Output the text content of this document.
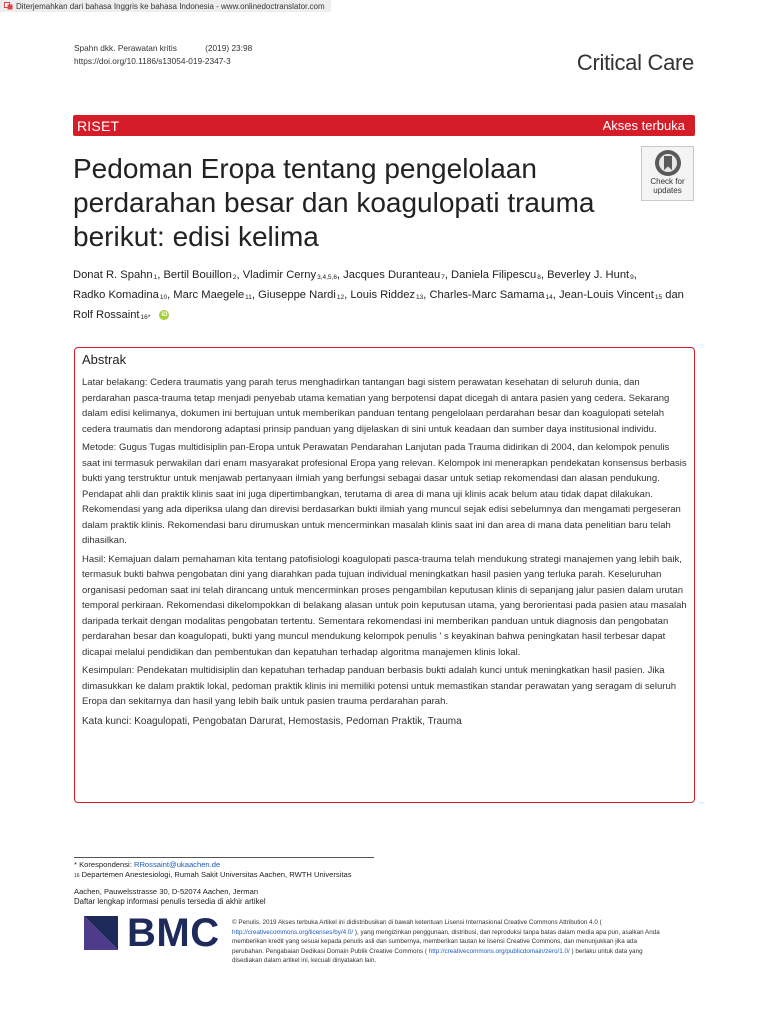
Diterjemahkan dari bahasa Inggris ke bahasa Indonesia - www.onlinedoctranslator.com
Spahn dkk. Perawatan kritis	(2019) 23:98
https://doi.org/10.1186/s13054-019-2347-3	Critical Care
RISET	Akses terbuka
Pedoman Eropa tentang pengelolaan perdarahan besar dan koagulopati trauma berikut: edisi kelima
Check for
updates
Donat R. Spahn$_1$, Bertil Bouillon$_2$, Vladimir Cerny$_{3,4,5,6}$, Jacques Duranteau$_7$, Daniela Filipescu$_8$, Beverley J. Hunt$_9$, Radko Komadina$_{10}$, Marc Maegele$_{11}$, Giuseppe Nardi$_{12}$, Louis Riddez$_{13}$, Charles-Marc Samama$_{14}$, Jean-Louis Vincent$_{15}$ dan Rolf Rossaint$_{16*}$ iD
Abstrak

Latar belakang: Cedera traumatis yang parah terus menghadirkan tantangan bagi sistem perawatan kesehatan di seluruh dunia, dan perdarahan pasca-trauma tetap menjadi penyebab utama kematian yang berpotensi dapat dicegah di antara pasien yang cedera. Sekarang dalam edisi kelimanya, dokumen ini bertujuan untuk memberikan panduan tentang pengelolaan perdarahan besar dan koagulopati setelah cedera traumatis dan mendorong adaptasi prinsip panduan yang dijelaskan di sini untuk keadaan dan sumber daya institusional individu.

Metode: Gugus Tugas multidisiplin pan-Eropa untuk Perawatan Pendarahan Lanjutan pada Trauma didirikan di 2004, dan kelompok penulis saat ini termasuk perwakilan dari enam masyarakat profesional Eropa yang relevan. Kelompok ini menerapkan pendekatan konsensus berbasis bukti yang terstruktur untuk menjawab pertanyaan ilmiah yang berfungsi sebagai dasar untuk setiap rekomendasi dan alasan pendukung. Pendapat ahli dan praktik klinis saat ini juga dipertimbangkan, terutama di area di mana uji klinis acak belum atau tidak dapat dilakukan. Rekomendasi yang ada diperiksa ulang dan direvisi berdasarkan bukti ilmiah yang muncul sejak edisi sebelumnya dan mengamati pergeseran dalam praktik klinis. Rekomendasi baru dirumuskan untuk mencerminkan masalah klinis saat ini dan area di mana data penelitian baru telah dihasilkan.

Hasil: Kemajuan dalam pemahaman kita tentang patofisiologi koagulopati pasca-trauma telah mendukung strategi manajemen yang lebih baik, termasuk bukti bahwa pengobatan dini yang diarahkan pada tujuan individual meningkatkan hasil pasien yang terluka parah. Keseluruhan organisasi pedoman saat ini telah dirancang untuk mencerminkan proses pengambilan keputusan klinis di sepanjang jalur pasien dalam urutan temporal perkiraan. Rekomendasi dikelompokkan di belakang alasan untuk poin keputusan utama, yang berorientasi pada pasien atau masalah daripada terkait dengan modalitas pengobatan tertentu. Sementara rekomendasi ini memberikan panduan untuk diagnosis dan pengobatan perdarahan besar dan koagulopati, bukti yang muncul mendukung kelompok penulis ' s keyakinan bahwa peningkatan hasil terbesar dapat dicapai melalui pendidikan dan pembentukan dan kepatuhan terhadap algoritma manajemen klinis lokal.

Kesimpulan: Pendekatan multidisiplin dan kepatuhan terhadap panduan berbasis bukti adalah kunci untuk meningkatkan hasil pasien. Jika dimasukkan ke dalam praktik lokal, pedoman praktik klinis ini memiliki potensi untuk memastikan standar perawatan yang seragam di seluruh Eropa dan sekitarnya dan hasil yang lebih baik untuk pasien trauma perdarahan parah.

Kata kunci: Koagulopati, Pengobatan Darurat, Hemostasis, Pedoman Praktik, Trauma

* Korespondensi: RRossaint@ukaachen.de
16 Departemen Anestesiologi, Rumah Sakit Universitas Aachen, RWTH Universitas
Aachen, Pauwelsstrasse 30, D-52074 Aachen, Jerman
Daftar lengkap informasi penulis tersedia di akhir artikel
BMC © Penulis. 2019 Akses terbuka Artikel ini didistribusikan di bawah ketentuan Lisensi Internasional Creative Commons Attribution 4.0 ( http://creativecommons.org/licenses/by/4.0/ ), yang mengizinkan penggunaan, distribusi, dan reproduksi tanpa batas dalam media apa pun, asalkan Anda memberikan kredit yang sesuai kepada penulis asli dan sumbernya, memberikan tautan ke lisensi Creative Commons, dan menunjukkan jika ada perubahan. Pengabaian Dedikasi Domain Publik Creative Commons ( http://creativecommons.org/publicdomain/zero/1.0/ ) berlaku untuk data yang disediakan dalam artikel ini, kecuali dinyatakan lain.
